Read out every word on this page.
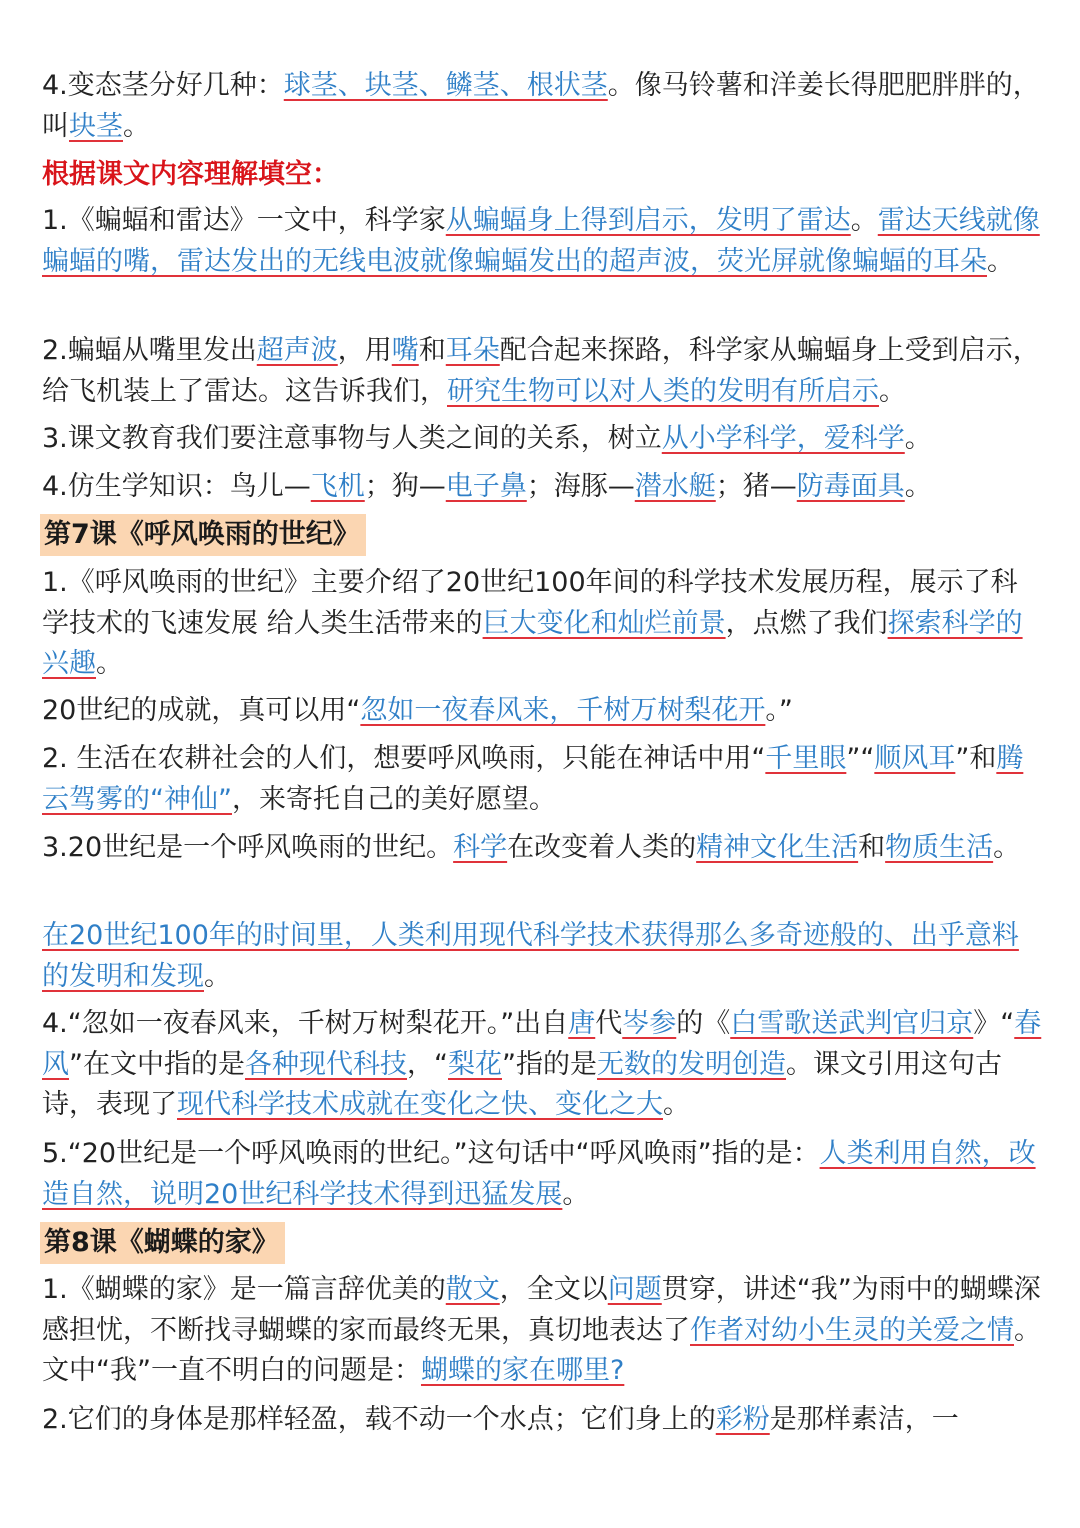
4.变态茎分好几种：球茎、块茎、鳞茎、根状茎。像马铃薯和洋姜长得肥肥胖胖的，叫块茎。
根据课文内容理解填空：
1.《蝙蝠和雷达》一文中，科学家从蝙蝠身上得到启示，发明了雷达。雷达天线就像蝙蝠的嘴，雷达发出的无线电波就像蝙蝠发出的超声波，荧光屏就像蝙蝠的耳朵。
2.蝙蝠从嘴里发出超声波，用嘴和耳朵配合起来探路，科学家从蝙蝠身上受到启示，给飞机装上了雷达。这告诉我们，研究生物可以对人类的发明有所启示。
3.课文教育我们要注意事物与人类之间的关系，树立从小学科学，爱科学。
4.仿生学知识：鸟儿—飞机；狗—电子鼻；海豚—潜水艇；猪—防毒面具。
第7课《呼风唤雨的世纪》
1.《呼风唤雨的世纪》主要介绍了20世纪100年间的科学技术发展历程，展示了科学技术的飞速发展 给人类生活带来的巨大变化和灿烂前景，点燃了我们探索科学的兴趣。
20世纪的成就，真可以用“忽如一夜春风来，千树万树梨花开。”
2. 生活在农耕社会的人们，想要呼风唤雨，只能在神话中用“千里眼”“顺风耳”和腾云驾雾的“神仙”，来寄托自己的美好愿望。
3.20世纪是一个呼风唤雨的世纪。科学在改变着人类的精神文化生活和物质生活。
在20世纪100年的时间里，人类利用现代科学技术获得那么多奇迹般的、出乎意料的发明和发现。
4.“忽如一夜春风来，千树万树梨花开。”出自唐代岑参的《白雪歌送武判官归京》“春风”在文中指的是各种现代科技，“梨花”指的是无数的发明创造。课文引用这句古诗，表现了现代科学技术成就在变化之快、变化之大。
5.“20世纪是一个呼风唤雨的世纪。”这句话中“呼风唤雨”指的是：人类利用自然，改造自然，说明20世纪科学技术得到迅猛发展。
第8课《蝴蝶的家》
1.《蝴蝶的家》是一篇言辞优美的散文，全文以问题贯穿，讲述“我”为雨中的蝴蝶深感担忧，不断找寻蝴蝶的家而最终无果，真切地表达了作者对幼小生灵的关爱之情。文中“我”一直不明白的问题是：蝴蝶的家在哪里?
2.它们的身体是那样轻盈，载不动一个水点；它们身上的彩粉是那样素洁，一
